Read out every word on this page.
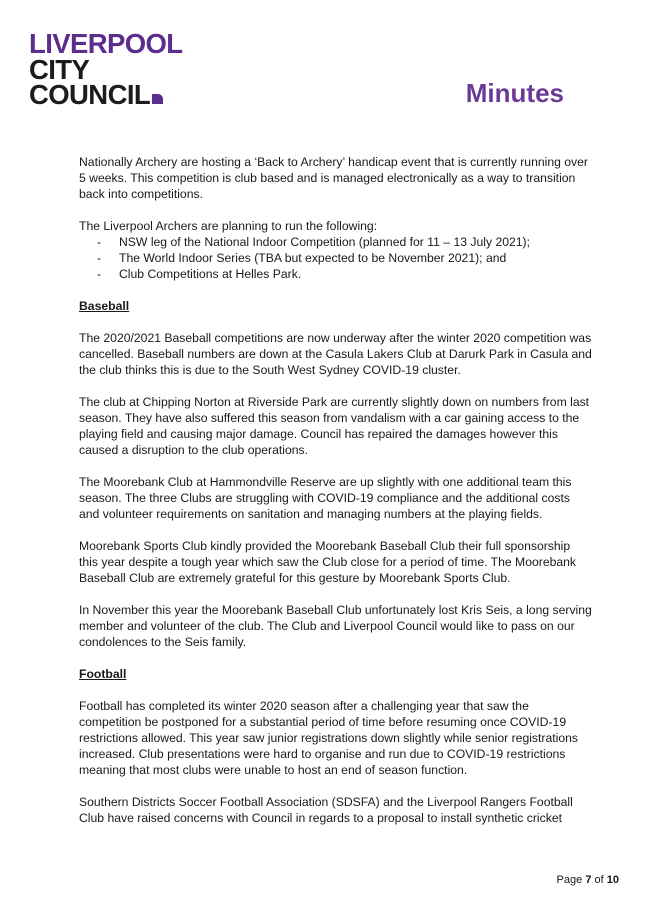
LIVERPOOL
CITY
COUNCIL	Minutes

Nationally Archery are hosting a ‘Back to Archery’ handicap event that is currently running over 5 weeks. This competition is club based and is managed electronically as a way to transition back into competitions.

The Liverpool Archers are planning to run the following:

- NSW leg of the National Indoor Competition (planned for 11 – 13 July 2021);
- The World Indoor Series (TBA but expected to be November 2021); and
- Club Competitions at Helles Park.
Baseball

The 2020/2021 Baseball competitions are now underway after the winter 2020 competition was cancelled. Baseball numbers are down at the Casula Lakers Club at Darurk Park in Casula and the club thinks this is due to the South West Sydney COVID-19 cluster.

The club at Chipping Norton at Riverside Park are currently slightly down on numbers from last season. They have also suffered this season from vandalism with a car gaining access to the playing field and causing major damage. Council has repaired the damages however this caused a disruption to the club operations.

The Moorebank Club at Hammondville Reserve are up slightly with one additional team this season. The three Clubs are struggling with COVID-19 compliance and the additional costs and volunteer requirements on sanitation and managing numbers at the playing fields.

Moorebank Sports Club kindly provided the Moorebank Baseball Club their full sponsorship this year despite a tough year which saw the Club close for a period of time. The Moorebank Baseball Club are extremely grateful for this gesture by Moorebank Sports Club.

In November this year the Moorebank Baseball Club unfortunately lost Kris Seis, a long serving member and volunteer of the club. The Club and Liverpool Council would like to pass on our condolences to the Seis family.

Football

Football has completed its winter 2020 season after a challenging year that saw the competition be postponed for a substantial period of time before resuming once COVID-19 restrictions allowed. This year saw junior registrations down slightly while senior registrations increased. Club presentations were hard to organise and run due to COVID-19 restrictions meaning that most clubs were unable to host an end of season function.

Southern Districts Soccer Football Association (SDSFA) and the Liverpool Rangers Football Club have raised concerns with Council in regards to a proposal to install synthetic cricket

Page 7 of 10
